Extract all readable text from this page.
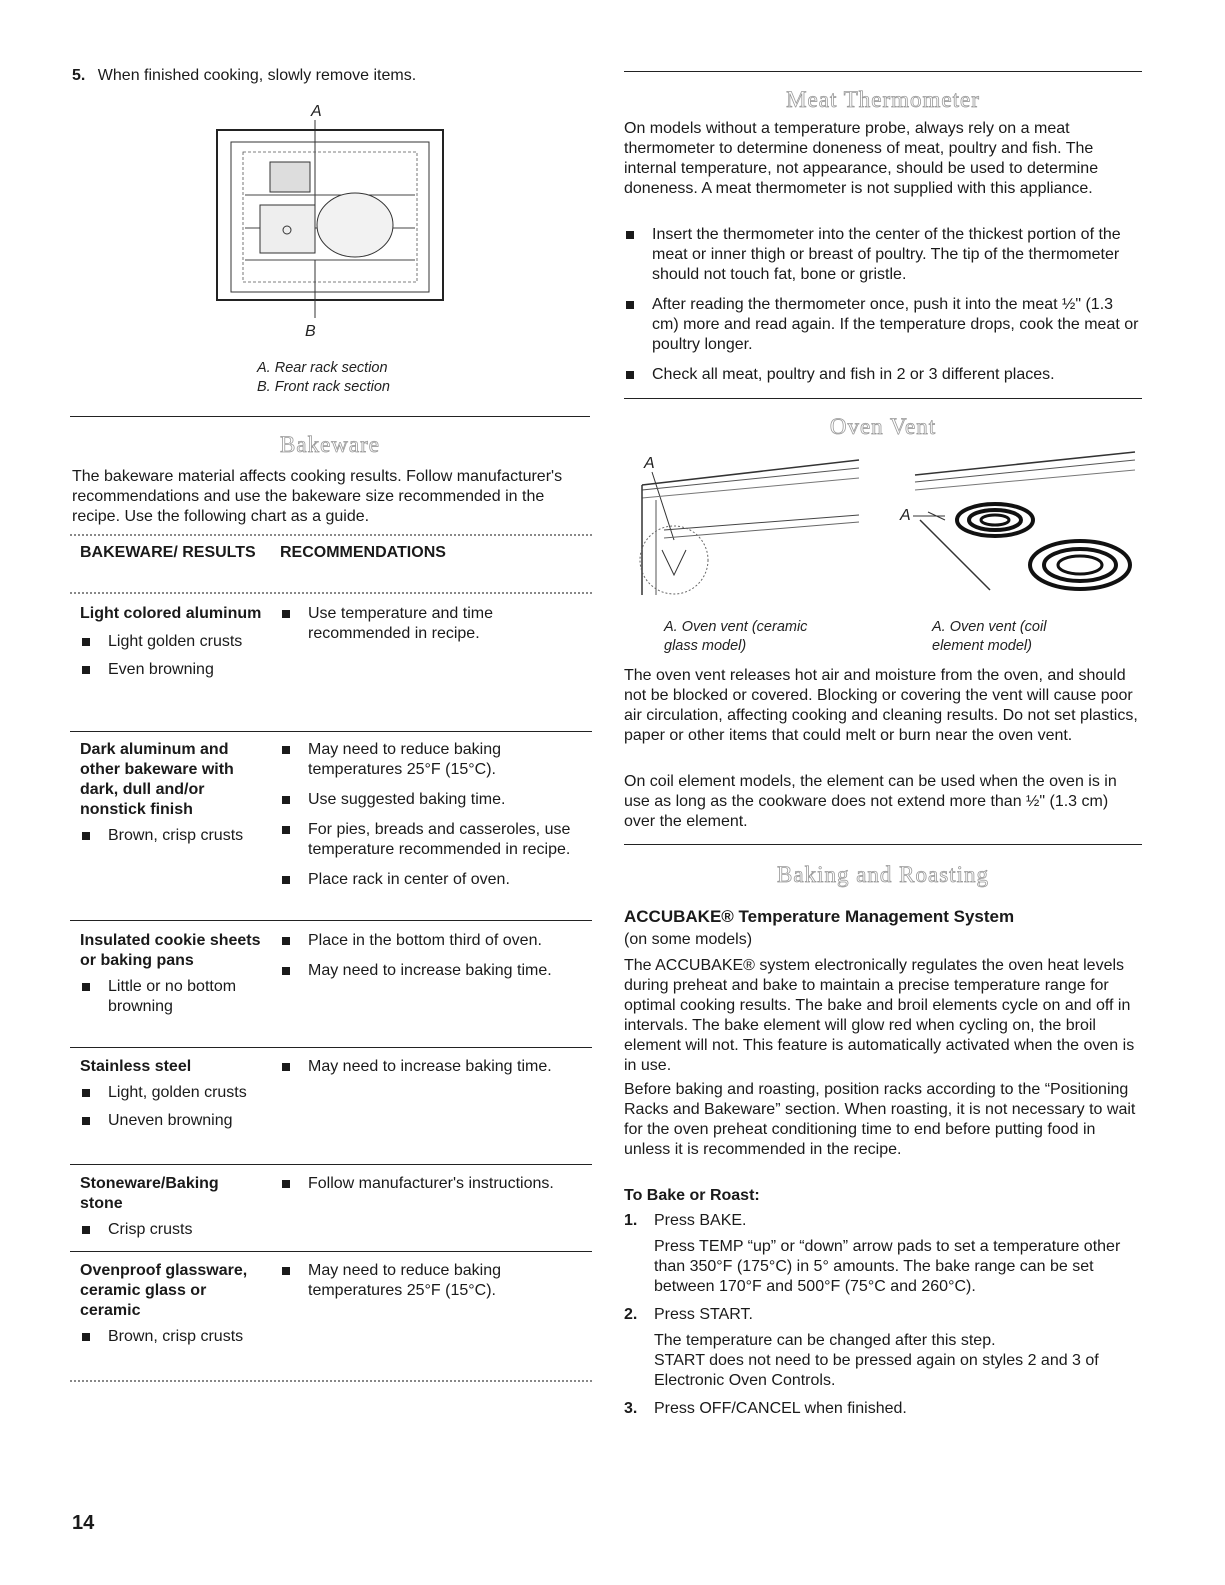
5. When finished cooking, slowly remove items.
A
B
A. Rear rack section
B. Front rack section
Bakeware
The bakeware material affects cooking results. Follow manufacturer's recommendations and use the bakeware size recommended in the recipe. Use the following chart as a guide.
BAKEWARE/ RESULTS RECOMMENDATIONS
Light colored aluminum
Light golden crusts
Even browning
Use temperature and time recommended in recipe.
Dark aluminum and other bakeware with dark, dull and/or nonstick finish
Brown, crisp crusts
May need to reduce baking temperatures 25°F (15°C).
Use suggested baking time.
For pies, breads and casseroles, use temperature recommended in recipe.
Place rack in center of oven.
Insulated cookie sheets or baking pans
Little or no bottom browning
Place in the bottom third of oven.
May need to increase baking time.
Stainless steel
Light, golden crusts
Uneven browning
May need to increase baking time.
Stoneware/Baking stone
Crisp crusts
Follow manufacturer's instructions.
Ovenproof glassware, ceramic glass or ceramic
Brown, crisp crusts
May need to reduce baking temperatures 25°F (15°C).
14
Meat Thermometer
On models without a temperature probe, always rely on a meat thermometer to determine doneness of meat, poultry and fish. The internal temperature, not appearance, should be used to determine doneness. A meat thermometer is not supplied with this appliance.
Insert the thermometer into the center of the thickest portion of the meat or inner thigh or breast of poultry. The tip of the thermometer should not touch fat, bone or gristle.
After reading the thermometer once, push it into the meat ½" (1.3 cm) more and read again. If the temperature drops, cook the meat or poultry longer.
Check all meat, poultry and fish in 2 or 3 different places.
Oven Vent
A
A
A. Oven vent (ceramic glass model)
A. Oven vent (coil element model)
The oven vent releases hot air and moisture from the oven, and should not be blocked or covered. Blocking or covering the vent will cause poor air circulation, affecting cooking and cleaning results. Do not set plastics, paper or other items that could melt or burn near the oven vent.
On coil element models, the element can be used when the oven is in use as long as the cookware does not extend more than ½" (1.3 cm) over the element.
Baking and Roasting
ACCUBAKE® Temperature Management System
(on some models)
The ACCUBAKE® system electronically regulates the oven heat levels during preheat and bake to maintain a precise temperature range for optimal cooking results. The bake and broil elements cycle on and off in intervals. The bake element will glow red when cycling on, the broil element will not. This feature is automatically activated when the oven is in use.
Before baking and roasting, position racks according to the “Positioning Racks and Bakeware” section. When roasting, it is not necessary to wait for the oven preheat conditioning time to end before putting food in unless it is recommended in the recipe.
To Bake or Roast:
1. Press BAKE.
Press TEMP “up” or “down” arrow pads to set a temperature other than 350°F (175°C) in 5° amounts. The bake range can be set between 170°F and 500°F (75°C and 260°C).
2. Press START.
The temperature can be changed after this step.
START does not need to be pressed again on styles 2 and 3 of Electronic Oven Controls.
3. Press OFF/CANCEL when finished.
